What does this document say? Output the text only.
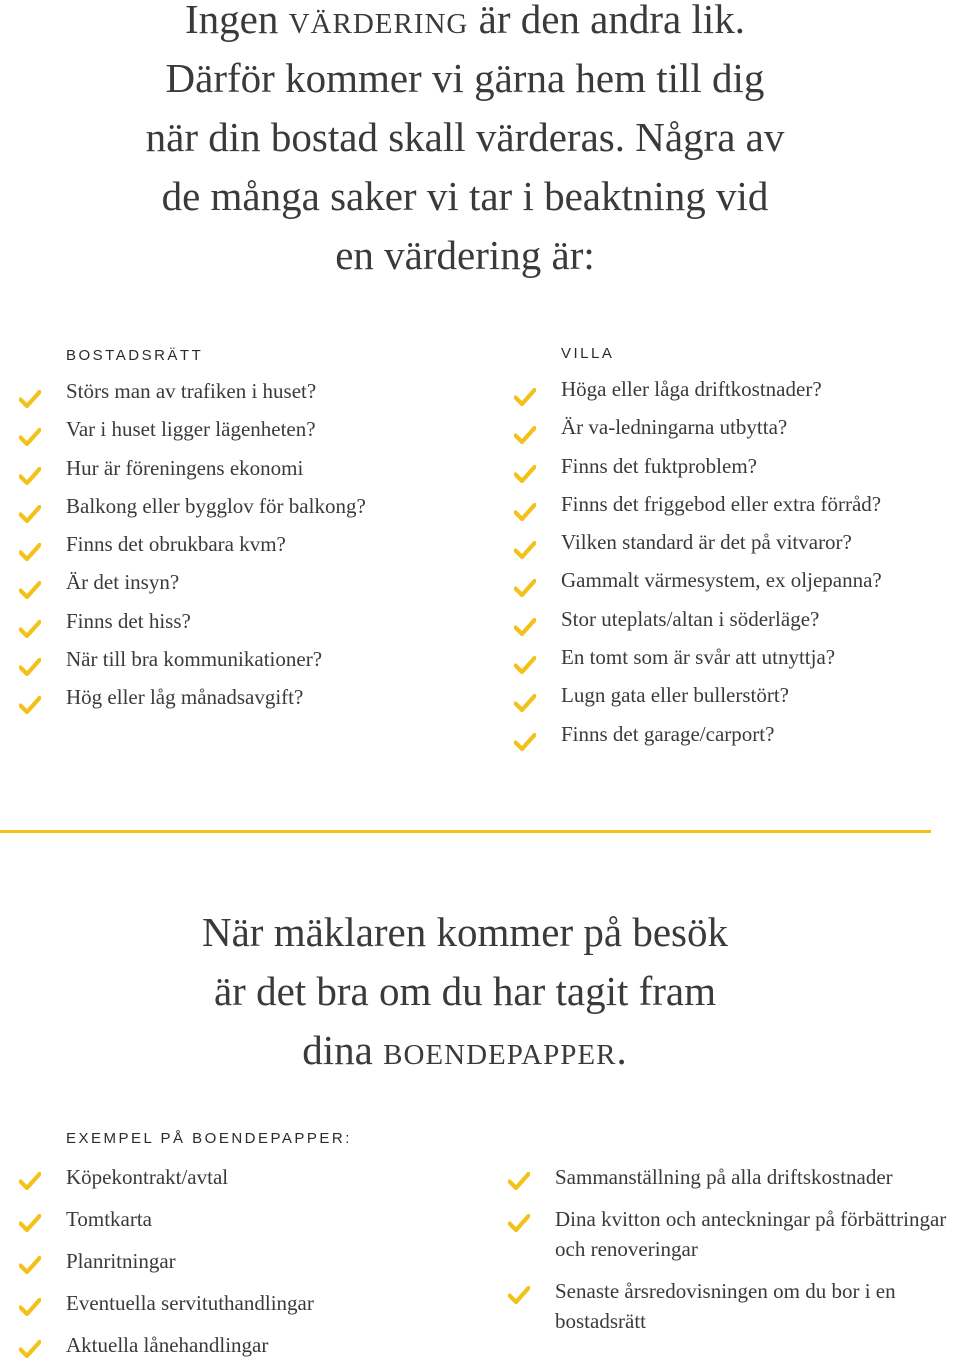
Ingen värdering är den andra lik.
Därför kommer vi gärna hem till dig
när din bostad skall värderas. Några av
de många saker vi tar i beaktning vid
en värdering är:
BOSTADSRÄTT
Störs man av trafiken i huset?
Var i huset ligger lägenheten?
Hur är föreningens ekonomi
Balkong eller bygglov för balkong?
Finns det obrukbara kvm?
Är det insyn?
Finns det hiss?
När till bra kommunikationer?
Hög eller låg månadsavgift?
VILLA
Höga eller låga driftkostnader?
Är va-ledningarna utbytta?
Finns det fuktproblem?
Finns det friggebod eller extra förråd?
Vilken standard är det på vitvaror?
Gammalt värmesystem, ex oljepanna?
Stor uteplats/altan i söderläge?
En tomt som är svår att utnyttja?
Lugn gata eller bullerstört?
Finns det garage/carport?
När mäklaren kommer på besök
är det bra om du har tagit fram
dina boendepapper.
EXEMPEL PÅ BOENDEPAPPER:
Köpekontrakt/avtal
Tomtkarta
Planritningar
Eventuella servituthandlingar
Aktuella lånehandlingar
Sammanställning på alla driftskostnader
Dina kvitton och anteckningar på förbättringar och renoveringar
Senaste årsredovisningen om du bor i en bostadsrätt
